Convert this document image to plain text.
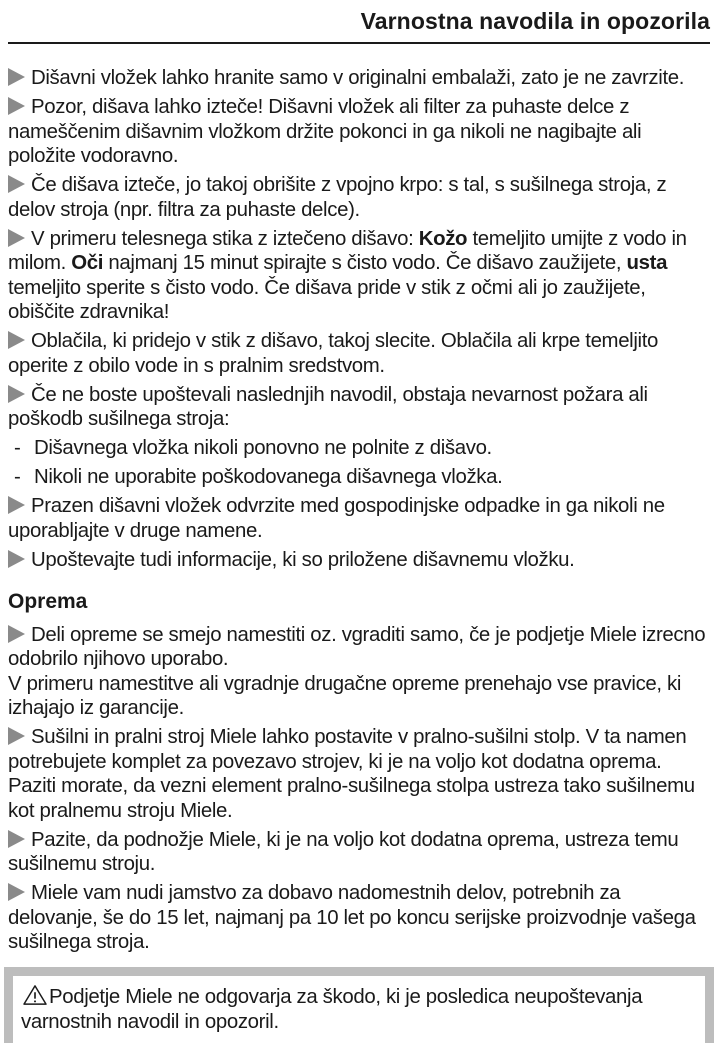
Varnostna navodila in opozorila
Dišavni vložek lahko hranite samo v originalni embalaži, zato je ne zavrzite.
Pozor, dišava lahko izteče! Dišavni vložek ali filter za puhaste delce z nameščenim dišavnim vložkom držite pokonci in ga nikoli ne nagibajte ali položite vodoravno.
Če dišava izteče, jo takoj obrišite z vpojno krpo: s tal, s sušilnega stroja, z delov stroja (npr. filtra za puhaste delce).
V primeru telesnega stika z iztečeno dišavo: Kožo temeljito umijte z vodo in milom. Oči najmanj 15 minut spirajte s čisto vodo. Če dišavo zaužijete, usta temeljito sperite s čisto vodo. Če dišava pride v stik z očmi ali jo zaužijete, obiščite zdravnika!
Oblačila, ki pridejo v stik z dišavo, takoj slecite. Oblačila ali krpe temeljito operite z obilo vode in s pralnim sredstvom.
Če ne boste upoštevali naslednjih navodil, obstaja nevarnost požara ali poškodb sušilnega stroja:
- Dišavnega vložka nikoli ponovno ne polnite z dišavo.
- Nikoli ne uporabite poškodovanega dišavnega vložka.
Prazen dišavni vložek odvrzite med gospodinjske odpadke in ga nikoli ne uporabljajte v druge namene.
Upoštevajte tudi informacije, ki so priložene dišavnemu vložku.
Oprema
Deli opreme se smejo namestiti oz. vgraditi samo, če je podjetje Miele izrecno odobrilo njihovo uporabo.
V primeru namestitve ali vgradnje drugačne opreme prenehajo vse pravice, ki izhajajo iz garancije.
Sušilni in pralni stroj Miele lahko postavite v pralno-sušilni stolp. V ta namen potrebujete komplet za povezavo strojev, ki je na voljo kot dodatna oprema. Paziti morate, da vezni element pralno-sušilnega stolpa ustreza tako sušilnemu kot pralnemu stroju Miele.
Pazite, da podnožje Miele, ki je na voljo kot dodatna oprema, ustreza temu sušilnemu stroju.
Miele vam nudi jamstvo za dobavo nadomestnih delov, potrebnih za delovanje, še do 15 let, najmanj pa 10 let po koncu serijske proizvodnje vašega sušilnega stroja.
Podjetje Miele ne odgovarja za škodo, ki je posledica neupoštevanja varnostnih navodil in opozoril.
